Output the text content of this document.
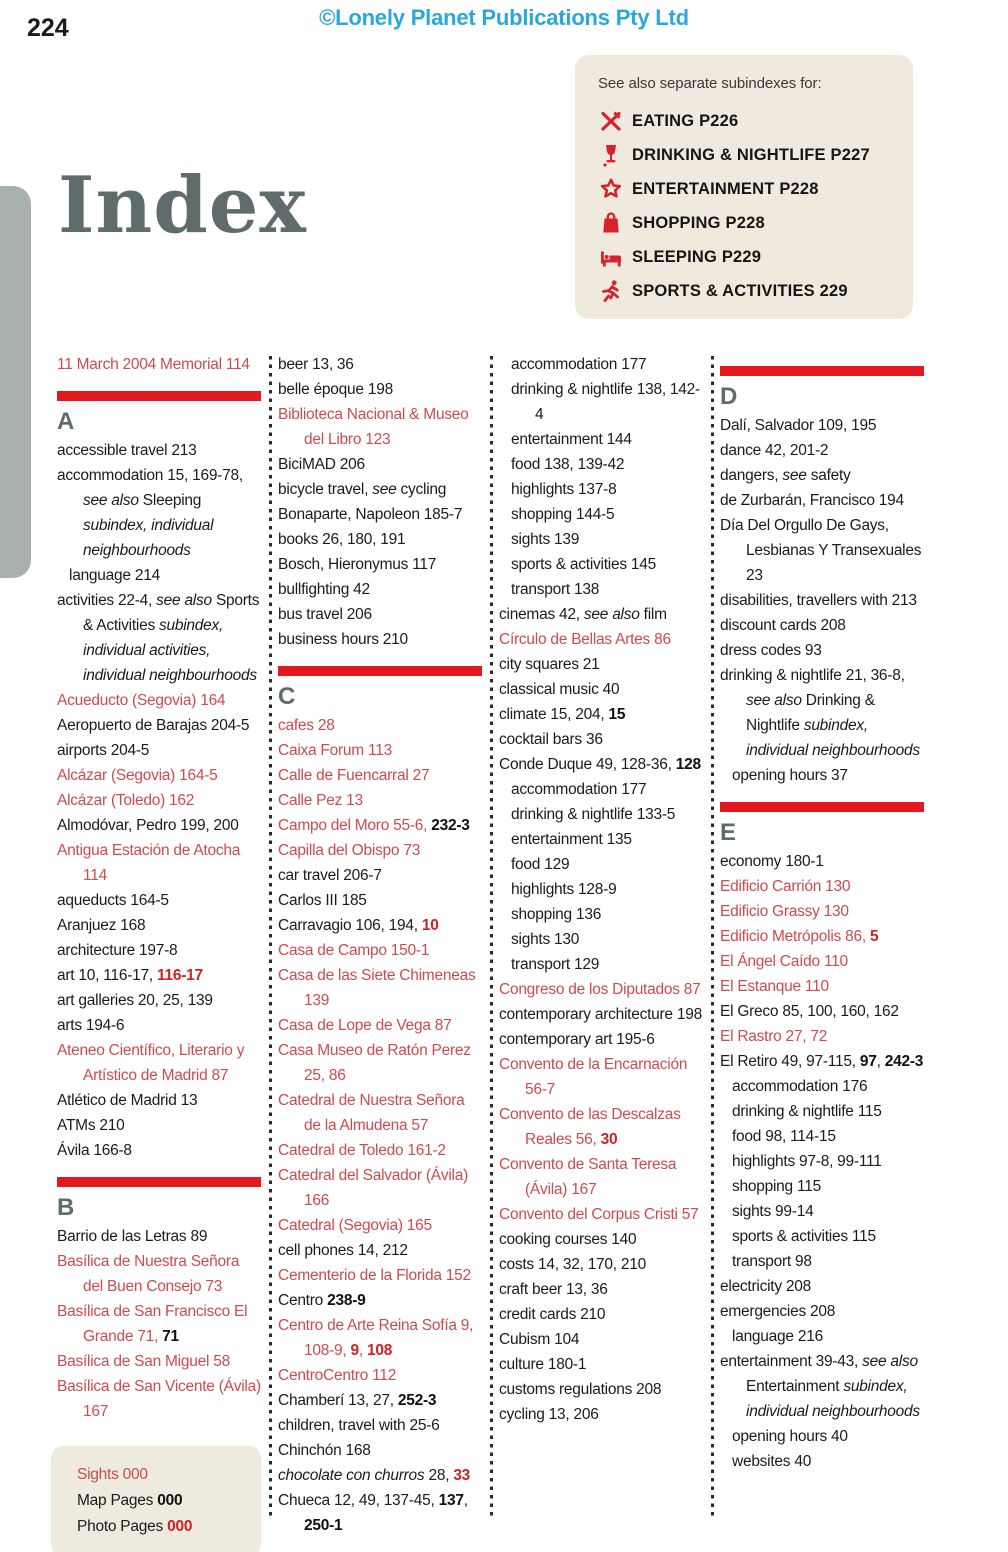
224	©Lonely Planet Publications Pty Ltd
Index
See also separate subindexes for:
EATING P226
DRINKING & NIGHTLIFE P227
ENTERTAINMENT P228
SHOPPING P228
SLEEPING P229
SPORTS & ACTIVITIES 229
11 March 2004 Memorial 114
A
accessible travel 213
accommodation 15, 169-78, see also Sleeping subindex, individual neighbourhoods
language 214
activities 22-4, see also Sports & Activities subindex, individual activities, individual neighbourhoods
Acueducto (Segovia) 164
Aeropuerto de Barajas 204-5
airports 204-5
Alcázar (Segovia) 164-5
Alcázar (Toledo) 162
Almodóvar, Pedro 199, 200
Antigua Estación de Atocha 114
aqueducts 164-5
Aranjuez 168
architecture 197-8
art 10, 116-17, 116-17
art galleries 20, 25, 139
arts 194-6
Ateneo Científico, Literario y Artístico de Madrid 87
Atlético de Madrid 13
ATMs 210
Ávila 166-8
B
Barrio de las Letras 89
Basílica de Nuestra Señora del Buen Consejo 73
Basílica de San Francisco El Grande 71, 71
Basílica de San Miguel 58
Basílica de San Vicente (Ávila) 167
Sights 000
Map Pages 000
Photo Pages 000
beer 13, 36
belle époque 198
Biblioteca Nacional & Museo del Libro 123
BiciMAD 206
bicycle travel, see cycling
Bonaparte, Napoleon 185-7
books 26, 180, 191
Bosch, Hieronymus 117
bullfighting 42
bus travel 206
business hours 210
C
cafes 28
Caixa Forum 113
Calle de Fuencarral 27
Calle Pez 13
Campo del Moro 55-6, 232-3
Capilla del Obispo 73
car travel 206-7
Carlos III 185
Carravagio 106, 194, 10
Casa de Campo 150-1
Casa de las Siete Chimeneas 139
Casa de Lope de Vega 87
Casa Museo de Ratón Perez 25, 86
Catedral de Nuestra Señora de la Almudena 57
Catedral de Toledo 161-2
Catedral del Salvador (Ávila) 166
Catedral (Segovia) 165
cell phones 14, 212
Cementerio de la Florida 152
Centro 238-9
Centro de Arte Reina Sofía 9, 108-9, 9, 108
CentroCentro 112
Chamberí 13, 27, 252-3
children, travel with 25-6
Chinchón 168
chocolate con churros 28, 33
Chueca 12, 49, 137-45, 137, 250-1
accommodation 177
drinking & nightlife 138, 142-4
entertainment 144
food 138, 139-42
highlights 137-8
shopping 144-5
sights 139
sports & activities 145
transport 138
cinemas 42, see also film
Círculo de Bellas Artes 86
city squares 21
classical music 40
climate 15, 204, 15
cocktail bars 36
Conde Duque 49, 128-36, 128
accommodation 177
drinking & nightlife 133-5
entertainment 135
food 129
highlights 128-9
shopping 136
sights 130
transport 129
Congreso de los Diputados 87
contemporary architecture 198
contemporary art 195-6
Convento de la Encarnación 56-7
Convento de las Descalzas Reales 56, 30
Convento de Santa Teresa (Ávila) 167
Convento del Corpus Cristi 57
cooking courses 140
costs 14, 32, 170, 210
craft beer 13, 36
credit cards 210
Cubism 104
culture 180-1
customs regulations 208
cycling 13, 206
D
Dalí, Salvador 109, 195
dance 42, 201-2
dangers, see safety
de Zurbarán, Francisco 194
Día Del Orgullo De Gays, Lesbianas Y Transexuales 23
disabilities, travellers with 213
discount cards 208
dress codes 93
drinking & nightlife 21, 36-8, see also Drinking & Nightlife subindex, individual neighbourhoods
opening hours 37
E
economy 180-1
Edificio Carrión 130
Edificio Grassy 130
Edificio Metrópolis 86, 5
El Ángel Caído 110
El Estanque 110
El Greco 85, 100, 160, 162
El Rastro 27, 72
El Retiro 49, 97-115, 97, 242-3
accommodation 176
drinking & nightlife 115
food 98, 114-15
highlights 97-8, 99-111
shopping 115
sights 99-14
sports & activities 115
transport 98
electricity 208
emergencies 208
language 216
entertainment 39-43, see also Entertainment subindex, individual neighbourhoods
opening hours 40
websites 40
